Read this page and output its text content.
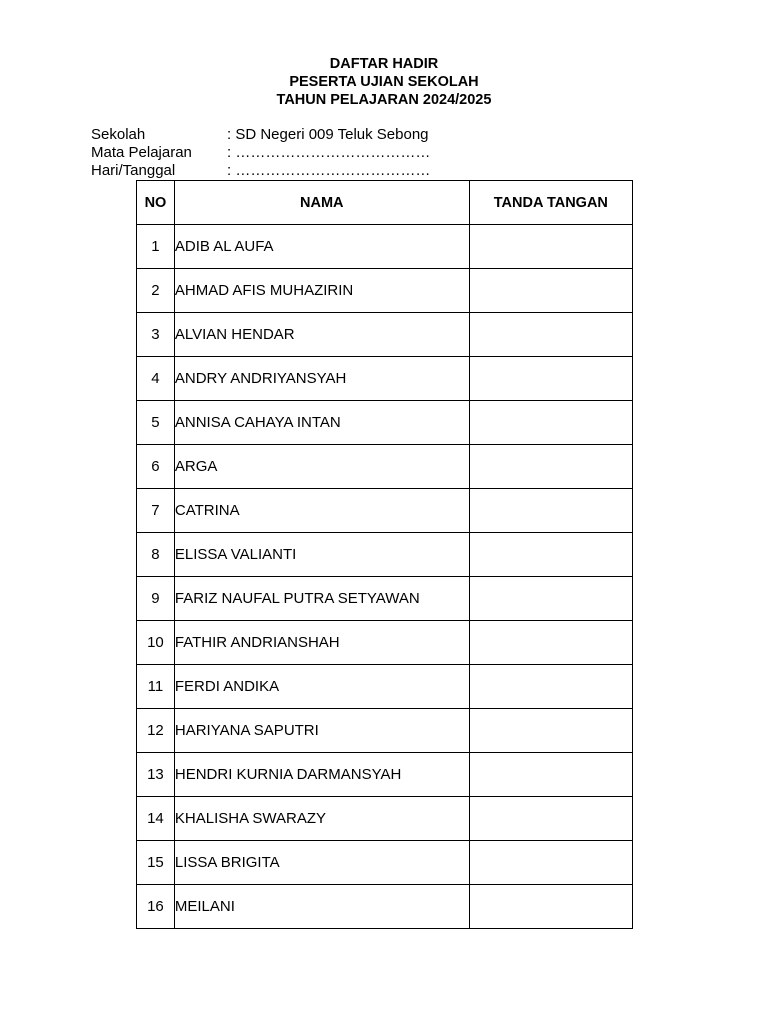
DAFTAR HADIR
PESERTA UJIAN SEKOLAH
TAHUN PELAJARAN 2024/2025
Sekolah	: SD Negeri 009 Teluk Sebong
Mata Pelajaran	: …………………………………
Hari/Tanggal	: …………………………………
NO	NAMA	TANDA TANGAN
1	ADIB AL AUFA	
2	AHMAD AFIS MUHAZIRIN	
3	ALVIAN HENDAR	
4	ANDRY ANDRIYANSYAH	
5	ANNISA CAHAYA INTAN	
6	ARGA	
7	CATRINA	
8	ELISSA VALIANTI	
9	FARIZ NAUFAL PUTRA SETYAWAN	
10	FATHIR ANDRIANSHAH	
11	FERDI ANDIKA	
12	HARIYANA SAPUTRI	
13	HENDRI KURNIA DARMANSYAH	
14	KHALISHA SWARAZY	
15	LISSA BRIGITA	
16	MEILANI	
